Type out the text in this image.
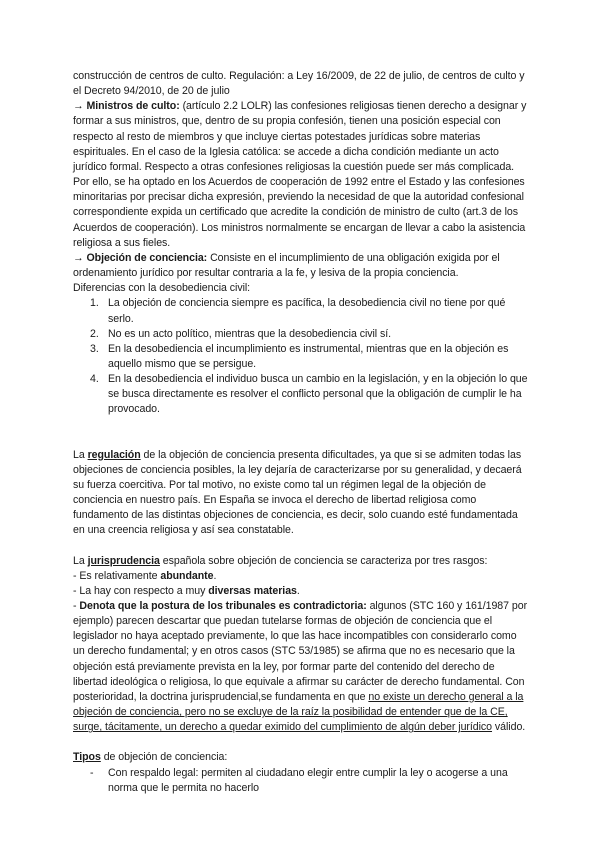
construcción de centros de culto. Regulación: a Ley 16/2009, de 22 de julio, de centros de culto y el Decreto 94/2010, de 20 de julio

→ Ministros de culto: (artículo 2.2 LOLR) las confesiones religiosas tienen derecho a designar y formar a sus ministros, que, dentro de su propia confesión, tienen una posición especial con respecto al resto de miembros y que incluye ciertas potestades jurídicas sobre materias espirituales. En el caso de la Iglesia católica: se accede a dicha condición mediante un acto jurídico formal. Respecto a otras confesiones religiosas la cuestión puede ser más complicada. Por ello, se ha optado en los Acuerdos de cooperación de 1992 entre el Estado y las confesiones minoritarias por precisar dicha expresión, previendo la necesidad de que la autoridad confesional correspondiente expida un certificado que acredite la condición de ministro de culto (art.3 de los Acuerdos de cooperación). Los ministros normalmente se encargan de llevar a cabo la asistencia religiosa a sus fieles.

→ Objeción de conciencia: Consiste en el incumplimiento de una obligación exigida por el ordenamiento jurídico por resultar contraria a la fe, y lesiva de la propia conciencia.

Diferencias con la desobediencia civil:

1. La objeción de conciencia siempre es pacífica, la desobediencia civil no tiene por qué serlo.
2. No es un acto político, mientras que la desobediencia civil sí.
3. En la desobediencia el incumplimiento es instrumental, mientras que en la objeción es aquello mismo que se persigue.
4. En la desobediencia el individuo busca un cambio en la legislación, y en la objeción lo que se busca directamente es resolver el conflicto personal que la obligación de cumplir le ha provocado.

La regulación de la objeción de conciencia presenta dificultades, ya que si se admiten todas las objeciones de conciencia posibles, la ley dejaría de caracterizarse por su generalidad, y decaerá su fuerza coercitiva. Por tal motivo, no existe como tal un régimen legal de la objeción de conciencia en nuestro país. En España se invoca el derecho de libertad religiosa como fundamento de las distintas objeciones de conciencia, es decir, solo cuando esté fundamentada en una creencia religiosa y así sea constatable.

La jurisprudencia española sobre objeción de conciencia se caracteriza por tres rasgos:

- Es relativamente abundante.

- La hay con respecto a muy diversas materias.

- Denota que la postura de los tribunales es contradictoria: algunos (STC 160 y 161/1987 por ejemplo) parecen descartar que puedan tutelarse formas de objeción de conciencia que el legislador no haya aceptado previamente, lo que las hace incompatibles con considerarlo como un derecho fundamental; y en otros casos (STC 53/1985) se afirma que no es necesario que la objeción está previamente prevista en la ley, por formar parte del contenido del derecho de libertad ideológica o religiosa, lo que equivale a afirmar su carácter de derecho fundamental. Con posterioridad, la doctrina jurisprudencial,se fundamenta en que no existe un derecho general a la objeción de conciencia, pero no se excluye de la raíz la posibilidad de entender que de la CE, surge, tácitamente, un derecho a quedar eximido del cumplimiento de algún deber jurídico válido.

Tipos de objeción de conciencia:

- Con respaldo legal: permiten al ciudadano elegir entre cumplir la ley o acogerse a una norma que le permita no hacerlo
